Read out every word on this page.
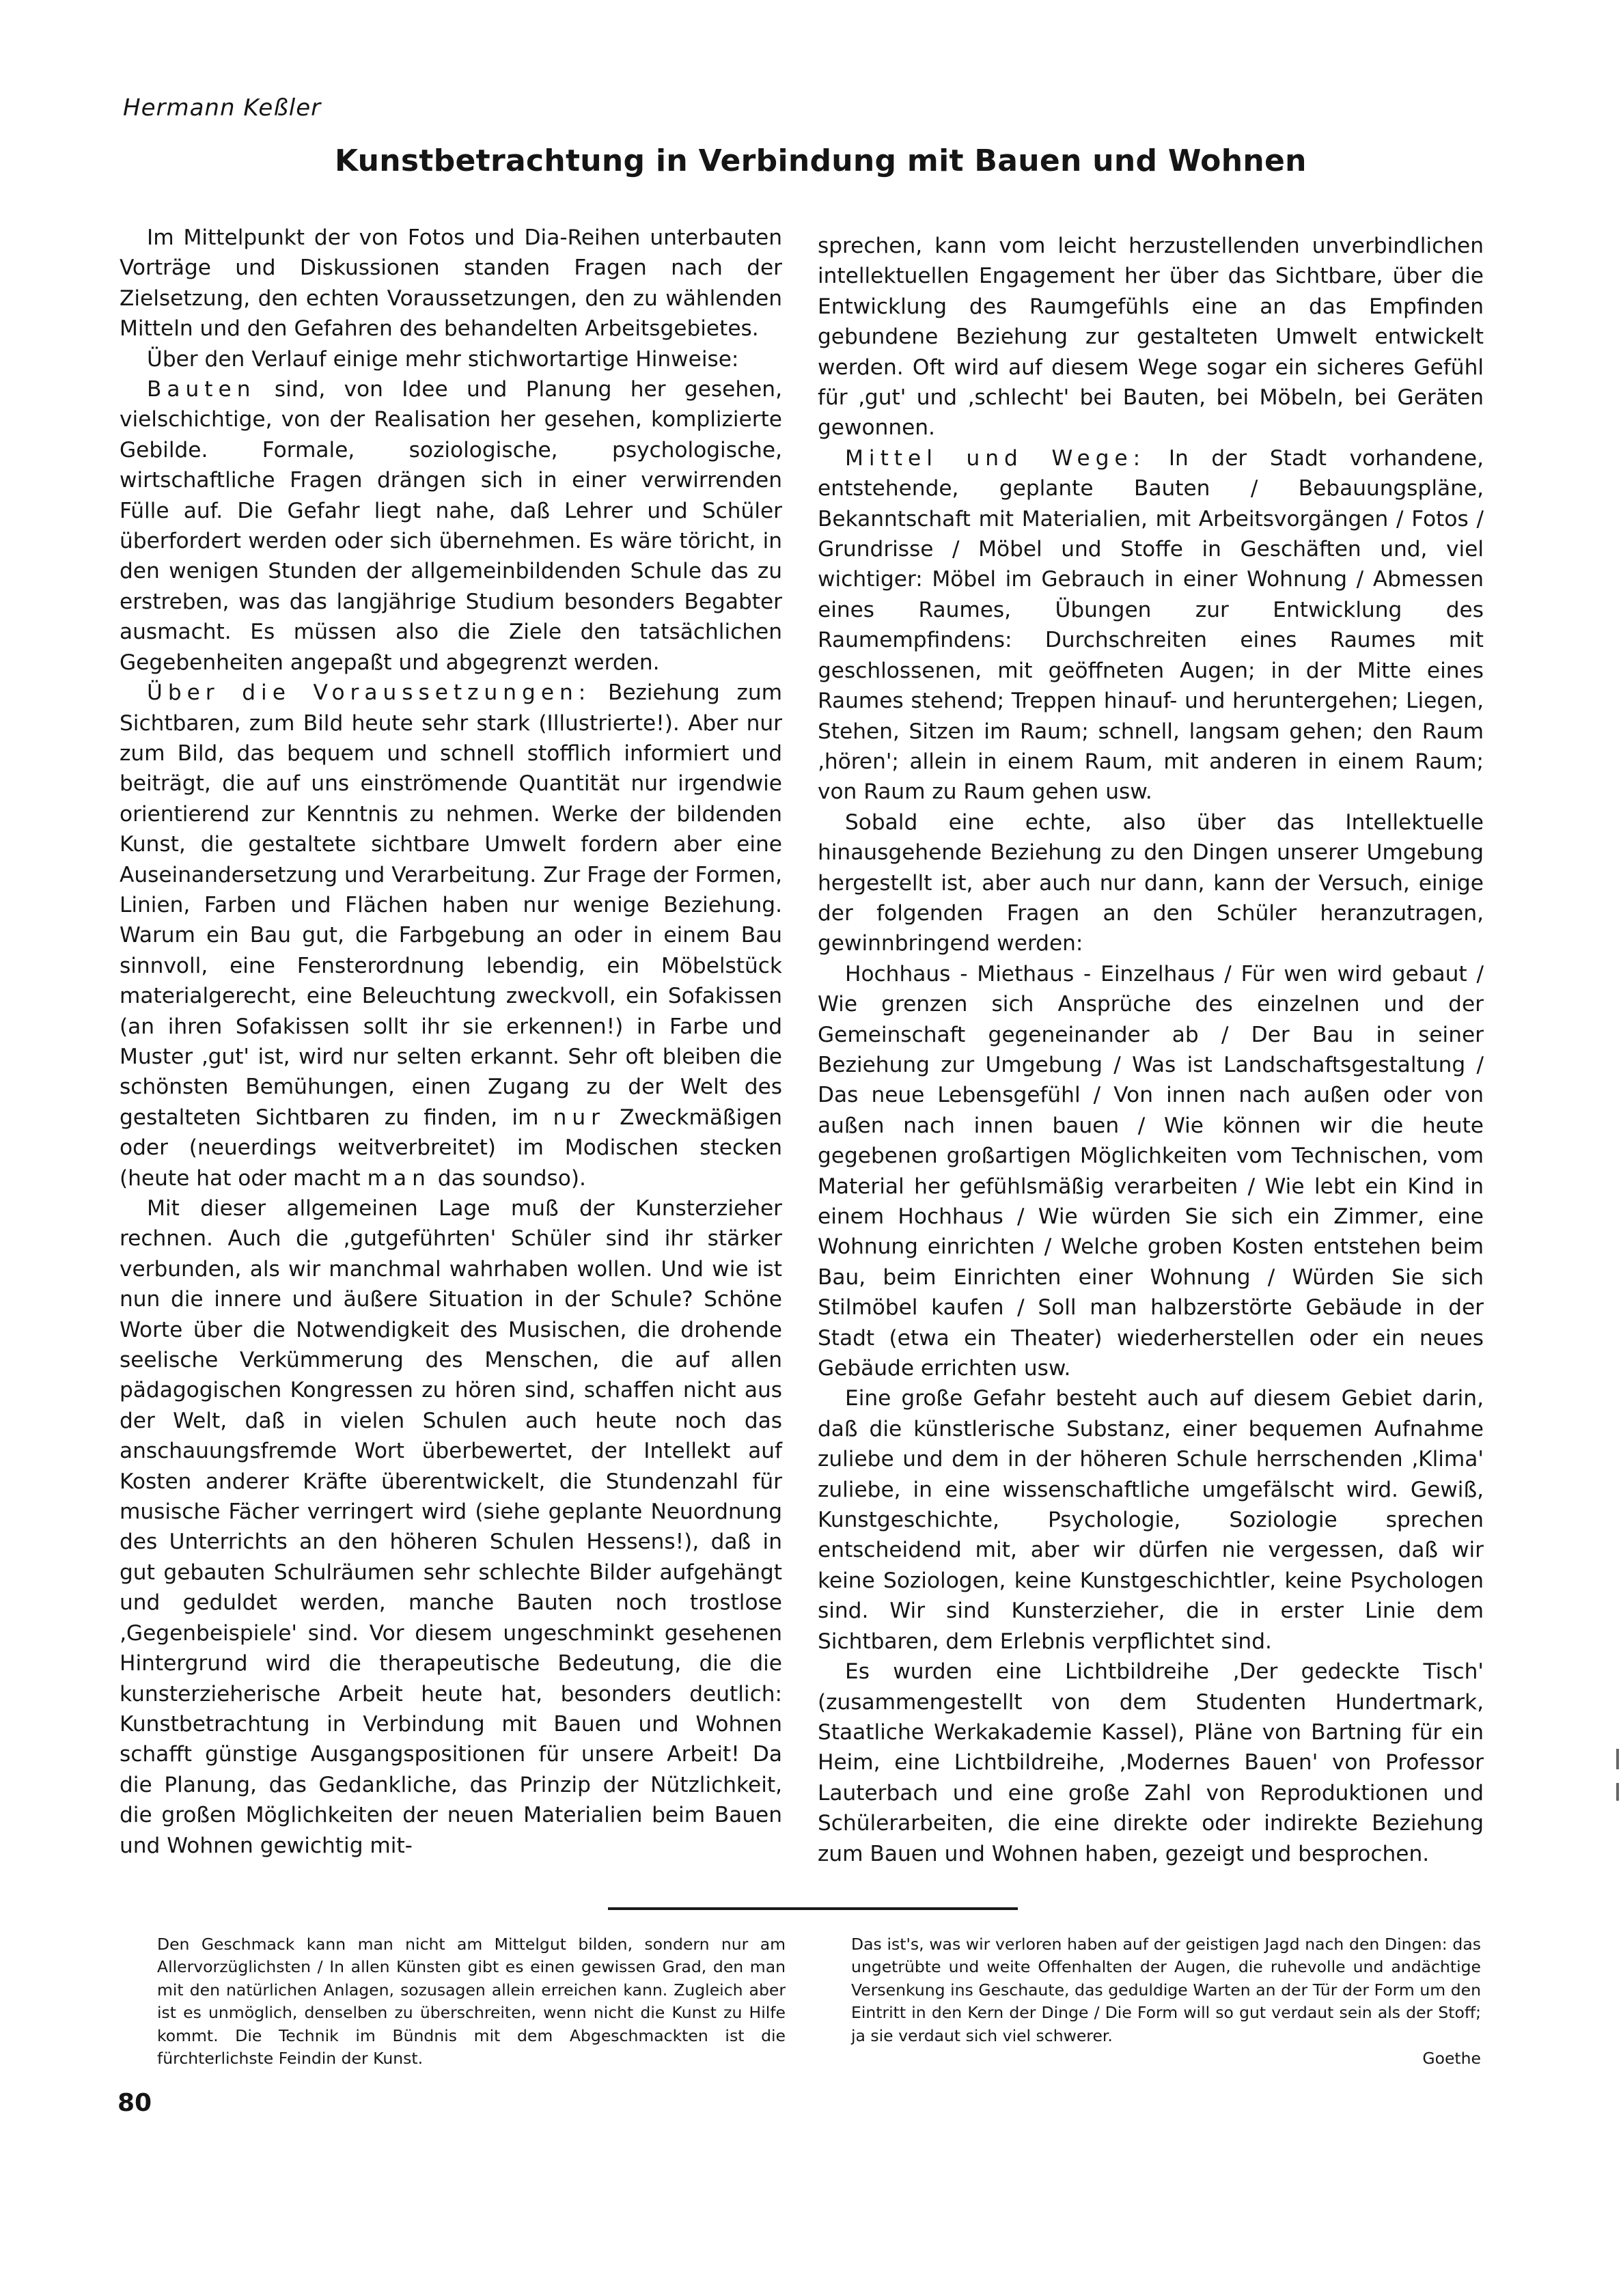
Hermann Keßler
Kunstbetrachtung in Verbindung mit Bauen und Wohnen

Im Mittelpunkt der von Fotos und Dia-Reihen unterbauten Vorträge und Diskussionen standen Fragen nach der Zielsetzung, den echten Voraussetzungen, den zu wählenden Mitteln und den Gefahren des behandelten Arbeitsgebietes.

Über den Verlauf einige mehr stichwortartige Hinweise:

Bauten sind, von Idee und Planung her gesehen, vielschichtige, von der Realisation her gesehen, komplizierte Gebilde. Formale, soziologische, psychologische, wirtschaftliche Fragen drängen sich in einer verwirrenden Fülle auf. Die Gefahr liegt nahe, daß Lehrer und Schüler überfordert werden oder sich übernehmen. Es wäre töricht, in den wenigen Stunden der allgemeinbildenden Schule das zu erstreben, was das langjährige Studium besonders Begabter ausmacht. Es müssen also die Ziele den tatsächlichen Gegebenheiten angepaßt und abgegrenzt werden.

Über die Voraussetzungen: Beziehung zum Sichtbaren, zum Bild heute sehr stark (Illustrierte!). Aber nur zum Bild, das bequem und schnell stofflich informiert und beiträgt, die auf uns einströmende Quantität nur irgendwie orientierend zur Kenntnis zu nehmen. Werke der bildenden Kunst, die gestaltete sichtbare Umwelt fordern aber eine Auseinandersetzung und Verarbeitung. Zur Frage der Formen, Linien, Farben und Flächen haben nur wenige Beziehung. Warum ein Bau gut, die Farbgebung an oder in einem Bau sinnvoll, eine Fensterordnung lebendig, ein Möbelstück materialgerecht, eine Beleuchtung zweckvoll, ein Sofakissen (an ihren Sofakissen sollt ihr sie erkennen!) in Farbe und Muster ‚gut' ist, wird nur selten erkannt. Sehr oft bleiben die schönsten Bemühungen, einen Zugang zu der Welt des gestalteten Sichtbaren zu finden, im nur Zweckmäßigen oder (neuerdings weitverbreitet) im Modischen stecken (heute hat oder macht man das soundso).

Mit dieser allgemeinen Lage muß der Kunsterzieher rechnen. Auch die ‚gutgeführten' Schüler sind ihr stärker verbunden, als wir manchmal wahrhaben wollen. Und wie ist nun die innere und äußere Situation in der Schule? Schöne Worte über die Notwendigkeit des Musischen, die drohende seelische Verkümmerung des Menschen, die auf allen pädagogischen Kongressen zu hören sind, schaffen nicht aus der Welt, daß in vielen Schulen auch heute noch das anschauungsfremde Wort überbewertet, der Intellekt auf Kosten anderer Kräfte überentwickelt, die Stundenzahl für musische Fächer verringert wird (siehe geplante Neuordnung des Unterrichts an den höheren Schulen Hessens!), daß in gut gebauten Schulräumen sehr schlechte Bilder aufgehängt und geduldet werden, manche Bauten noch trostlose ‚Gegenbeispiele' sind. Vor diesem ungeschminkt gesehenen Hintergrund wird die therapeutische Bedeutung, die die kunsterzieherische Arbeit heute hat, besonders deutlich: Kunstbetrachtung in Verbindung mit Bauen und Wohnen schafft günstige Ausgangspositionen für unsere Arbeit! Da die Planung, das Gedankliche, das Prinzip der Nützlichkeit, die großen Möglichkeiten der neuen Materialien beim Bauen und Wohnen gewichtig mit-

sprechen, kann vom leicht herzustellenden unverbindlichen intellektuellen Engagement her über das Sichtbare, über die Entwicklung des Raumgefühls eine an das Empfinden gebundene Beziehung zur gestalteten Umwelt entwickelt werden. Oft wird auf diesem Wege sogar ein sicheres Gefühl für ‚gut' und ‚schlecht' bei Bauten, bei Möbeln, bei Geräten gewonnen.

Mittel und Wege: In der Stadt vorhandene, entstehende, geplante Bauten / Bebauungspläne, Bekanntschaft mit Materialien, mit Arbeitsvorgängen / Fotos / Grundrisse / Möbel und Stoffe in Geschäften und, viel wichtiger: Möbel im Gebrauch in einer Wohnung / Abmessen eines Raumes, Übungen zur Entwicklung des Raumempfindens: Durchschreiten eines Raumes mit geschlossenen, mit geöffneten Augen; in der Mitte eines Raumes stehend; Treppen hinauf- und heruntergehen; Liegen, Stehen, Sitzen im Raum; schnell, langsam gehen; den Raum ‚hören'; allein in einem Raum, mit anderen in einem Raum; von Raum zu Raum gehen usw.

Sobald eine echte, also über das Intellektuelle hinausgehende Beziehung zu den Dingen unserer Umgebung hergestellt ist, aber auch nur dann, kann der Versuch, einige der folgenden Fragen an den Schüler heranzutragen, gewinnbringend werden:

Hochhaus - Miethaus - Einzelhaus / Für wen wird gebaut / Wie grenzen sich Ansprüche des einzelnen und der Gemeinschaft gegeneinander ab / Der Bau in seiner Beziehung zur Umgebung / Was ist Landschaftsgestaltung / Das neue Lebensgefühl / Von innen nach außen oder von außen nach innen bauen / Wie können wir die heute gegebenen großartigen Möglichkeiten vom Technischen, vom Material her gefühlsmäßig verarbeiten / Wie lebt ein Kind in einem Hochhaus / Wie würden Sie sich ein Zimmer, eine Wohnung einrichten / Welche groben Kosten entstehen beim Bau, beim Einrichten einer Wohnung / Würden Sie sich Stilmöbel kaufen / Soll man halbzerstörte Gebäude in der Stadt (etwa ein Theater) wiederherstellen oder ein neues Gebäude errichten usw.

Eine große Gefahr besteht auch auf diesem Gebiet darin, daß die künstlerische Substanz, einer bequemen Aufnahme zuliebe und dem in der höheren Schule herrschenden ‚Klima' zuliebe, in eine wissenschaftliche umgefälscht wird. Gewiß, Kunstgeschichte, Psychologie, Soziologie sprechen entscheidend mit, aber wir dürfen nie vergessen, daß wir keine Soziologen, keine Kunstgeschichtler, keine Psychologen sind. Wir sind Kunsterzieher, die in erster Linie dem Sichtbaren, dem Erlebnis verpflichtet sind.

Es wurden eine Lichtbildreihe ‚Der gedeckte Tisch' (zusammengestellt von dem Studenten Hundertmark, Staatliche Werkakademie Kassel), Pläne von Bartning für ein Heim, eine Lichtbildreihe, ‚Modernes Bauen' von Professor Lauterbach und eine große Zahl von Reproduktionen und Schülerarbeiten, die eine direkte oder indirekte Beziehung zum Bauen und Wohnen haben, gezeigt und besprochen.

Den Geschmack kann man nicht am Mittelgut bilden, sondern nur am Allervorzüglichsten / In allen Künsten gibt es einen gewissen Grad, den man mit den natürlichen Anlagen, sozusagen allein erreichen kann. Zugleich aber ist es unmöglich, denselben zu überschreiten, wenn nicht die Kunst zu Hilfe kommt. Die Technik im Bündnis mit dem Abgeschmackten ist die fürchterlichste Feindin der Kunst.
Das ist's, was wir verloren haben auf der geistigen Jagd nach den Dingen: das ungetrübte und weite Offenhalten der Augen, die ruhevolle und andächtige Versenkung ins Geschaute, das geduldige Warten an der Tür der Form um den Eintritt in den Kern der Dinge / Die Form will so gut verdaut sein als der Stoff; ja sie verdaut sich viel schwerer.
Goethe
80
